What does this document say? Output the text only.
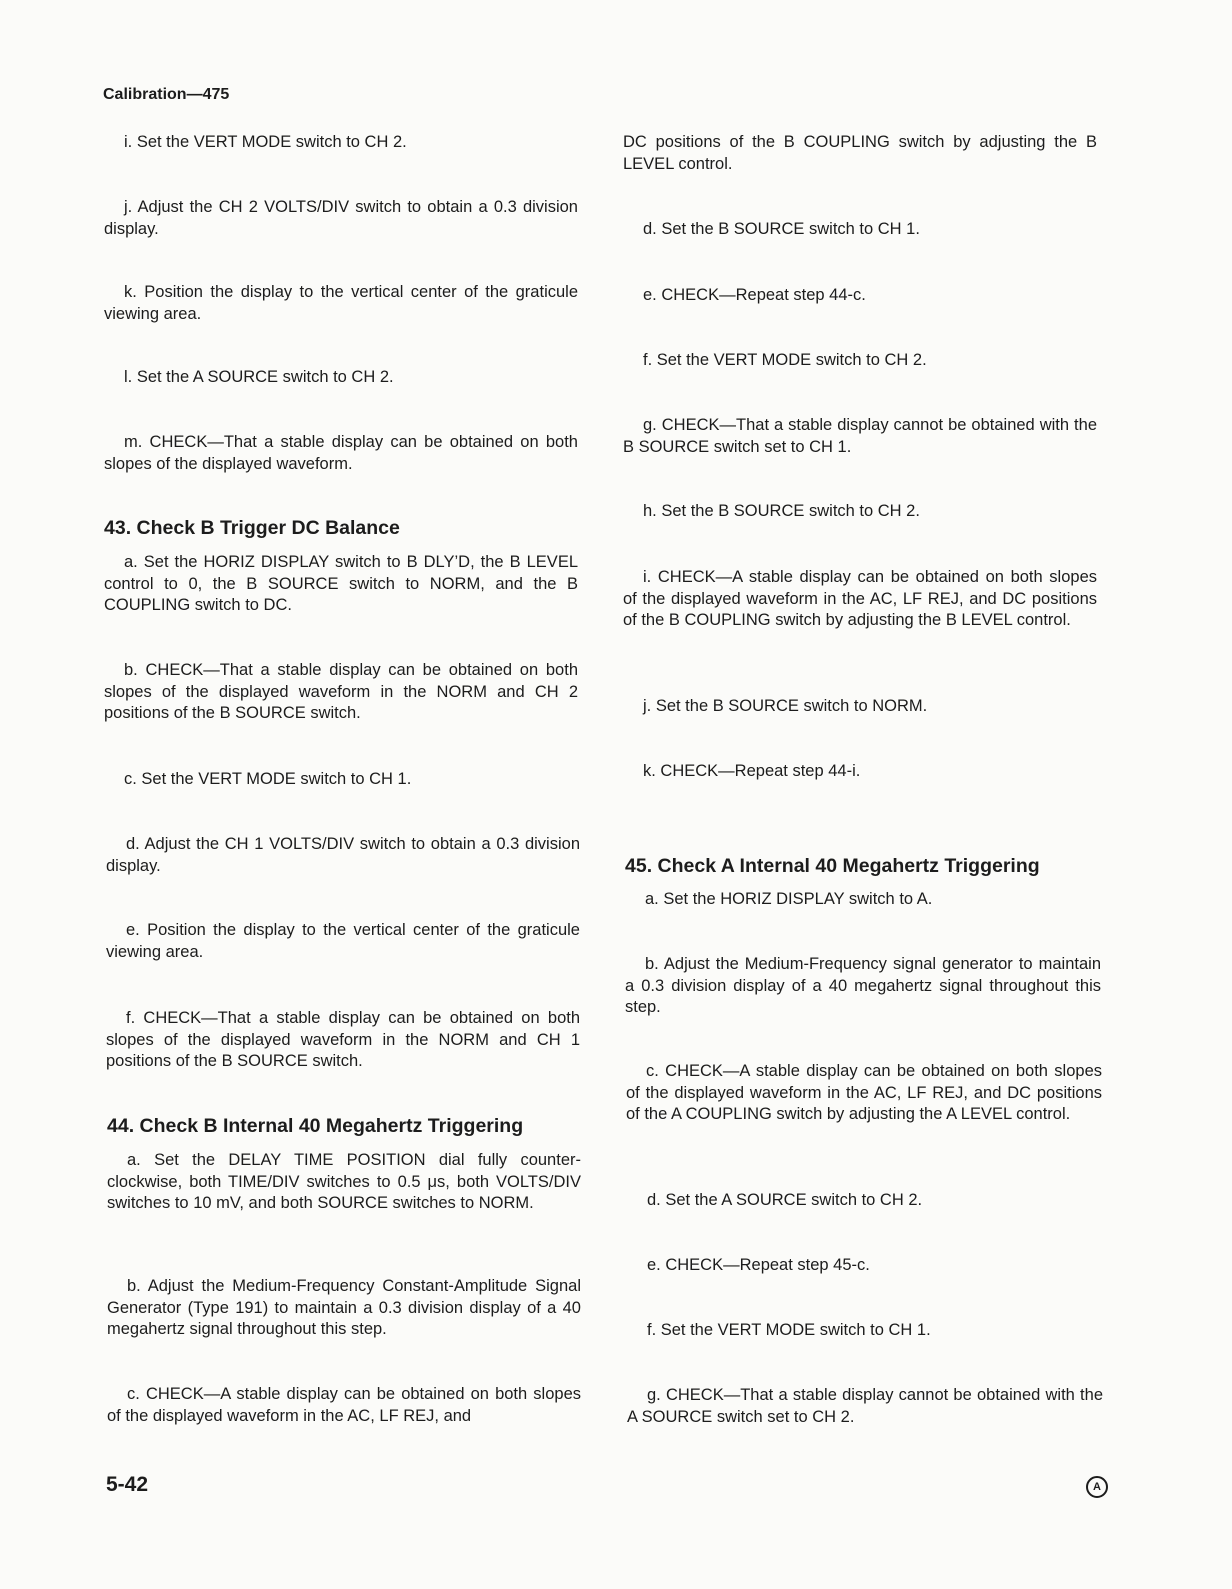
Calibration—475

i. Set the VERT MODE switch to CH 2.

j. Adjust the CH 2 VOLTS/DIV switch to obtain a 0.3 division display.

k. Position the display to the vertical center of the graticule viewing area.

l. Set the A SOURCE switch to CH 2.

m. CHECK—That a stable display can be obtained on both slopes of the displayed waveform.

43. Check B Trigger DC Balance

a. Set the HORIZ DISPLAY switch to B DLY’D, the B LEVEL control to 0, the B SOURCE switch to NORM, and the B COUPLING switch to DC.

b. CHECK—That a stable display can be obtained on both slopes of the displayed waveform in the NORM and CH 2 positions of the B SOURCE switch.

c. Set the VERT MODE switch to CH 1.

d. Adjust the CH 1 VOLTS/DIV switch to obtain a 0.3 division display.

e. Position the display to the vertical center of the graticule viewing area.

f. CHECK—That a stable display can be obtained on both slopes of the displayed waveform in the NORM and CH 1 positions of the B SOURCE switch.

44. Check B Internal 40 Megahertz Triggering

a. Set the DELAY TIME POSITION dial fully counter-clockwise, both TIME/DIV switches to 0.5 μs, both VOLTS/DIV switches to 10 mV, and both SOURCE switches to NORM.

b. Adjust the Medium-Frequency Constant-Amplitude Signal Generator (Type 191) to maintain a 0.3 division display of a 40 megahertz signal throughout this step.

c. CHECK—A stable display can be obtained on both slopes of the displayed waveform in the AC, LF REJ, and

DC positions of the B COUPLING switch by adjusting the B LEVEL control.

d. Set the B SOURCE switch to CH 1.

e. CHECK—Repeat step 44-c.

f. Set the VERT MODE switch to CH 2.

g. CHECK—That a stable display cannot be obtained with the B SOURCE switch set to CH 1.

h. Set the B SOURCE switch to CH 2.

i. CHECK—A stable display can be obtained on both slopes of the displayed waveform in the AC, LF REJ, and DC positions of the B COUPLING switch by adjusting the B LEVEL control.

j. Set the B SOURCE switch to NORM.

k. CHECK—Repeat step 44-i.

45. Check A Internal 40 Megahertz Triggering

a. Set the HORIZ DISPLAY switch to A.

b. Adjust the Medium-Frequency signal generator to maintain a 0.3 division display of a 40 megahertz signal throughout this step.

c. CHECK—A stable display can be obtained on both slopes of the displayed waveform in the AC, LF REJ, and DC positions of the A COUPLING switch by adjusting the A LEVEL control.

d. Set the A SOURCE switch to CH 2.

e. CHECK—Repeat step 45-c.

f. Set the VERT MODE switch to CH 1.

g. CHECK—That a stable display cannot be obtained with the A SOURCE switch set to CH 2.

5-42	A
